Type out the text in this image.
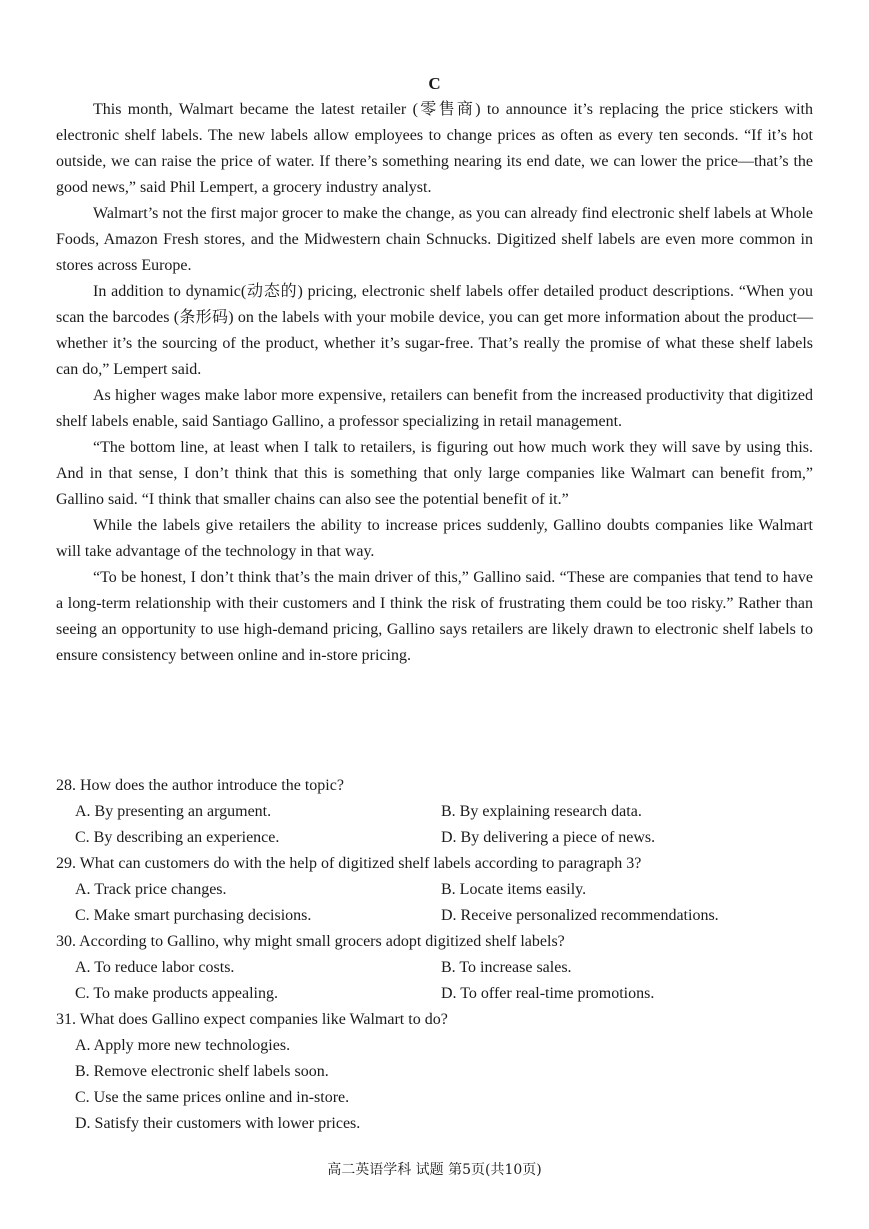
C

This month, Walmart became the latest retailer (零售商) to announce it’s replacing the price stickers with electronic shelf labels. The new labels allow employees to change prices as often as every ten seconds. “If it’s hot outside, we can raise the price of water. If there’s something nearing its end date, we can lower the price—that’s the good news,” said Phil Lempert, a grocery industry analyst.

Walmart’s not the first major grocer to make the change, as you can already find electronic shelf labels at Whole Foods, Amazon Fresh stores, and the Midwestern chain Schnucks. Digitized shelf labels are even more common in stores across Europe.

In addition to dynamic(动态的) pricing, electronic shelf labels offer detailed product descriptions. “When you scan the barcodes (条形码) on the labels with your mobile device, you can get more information about the product—whether it’s the sourcing of the product, whether it’s sugar-free. That’s really the promise of what these shelf labels can do,” Lempert said.

As higher wages make labor more expensive, retailers can benefit from the increased productivity that digitized shelf labels enable, said Santiago Gallino, a professor specializing in retail management.

“The bottom line, at least when I talk to retailers, is figuring out how much work they will save by using this. And in that sense, I don’t think that this is something that only large companies like Walmart can benefit from,” Gallino said. “I think that smaller chains can also see the potential benefit of it.”

While the labels give retailers the ability to increase prices suddenly, Gallino doubts companies like Walmart will take advantage of the technology in that way.

“To be honest, I don’t think that’s the main driver of this,” Gallino said. “These are companies that tend to have a long-term relationship with their customers and I think the risk of frustrating them could be too risky.” Rather than seeing an opportunity to use high-demand pricing, Gallino says retailers are likely drawn to electronic shelf labels to ensure consistency between online and in-store pricing.

28. How does the author introduce the topic?
A. By presenting an argument.	B. By explaining research data.
C. By describing an experience.	D. By delivering a piece of news.
29. What can customers do with the help of digitized shelf labels according to paragraph 3?
A. Track price changes.	B. Locate items easily.
C. Make smart purchasing decisions.	D. Receive personalized recommendations.
30. According to Gallino, why might small grocers adopt digitized shelf labels?
A. To reduce labor costs.	B. To increase sales.
C. To make products appealing.	D. To offer real-time promotions.
31. What does Gallino expect companies like Walmart to do?
A. Apply more new technologies.
B. Remove electronic shelf labels soon.
C. Use the same prices online and in-store.
D. Satisfy their customers with lower prices.
高二英语学科 试题 第5页(共10页)
